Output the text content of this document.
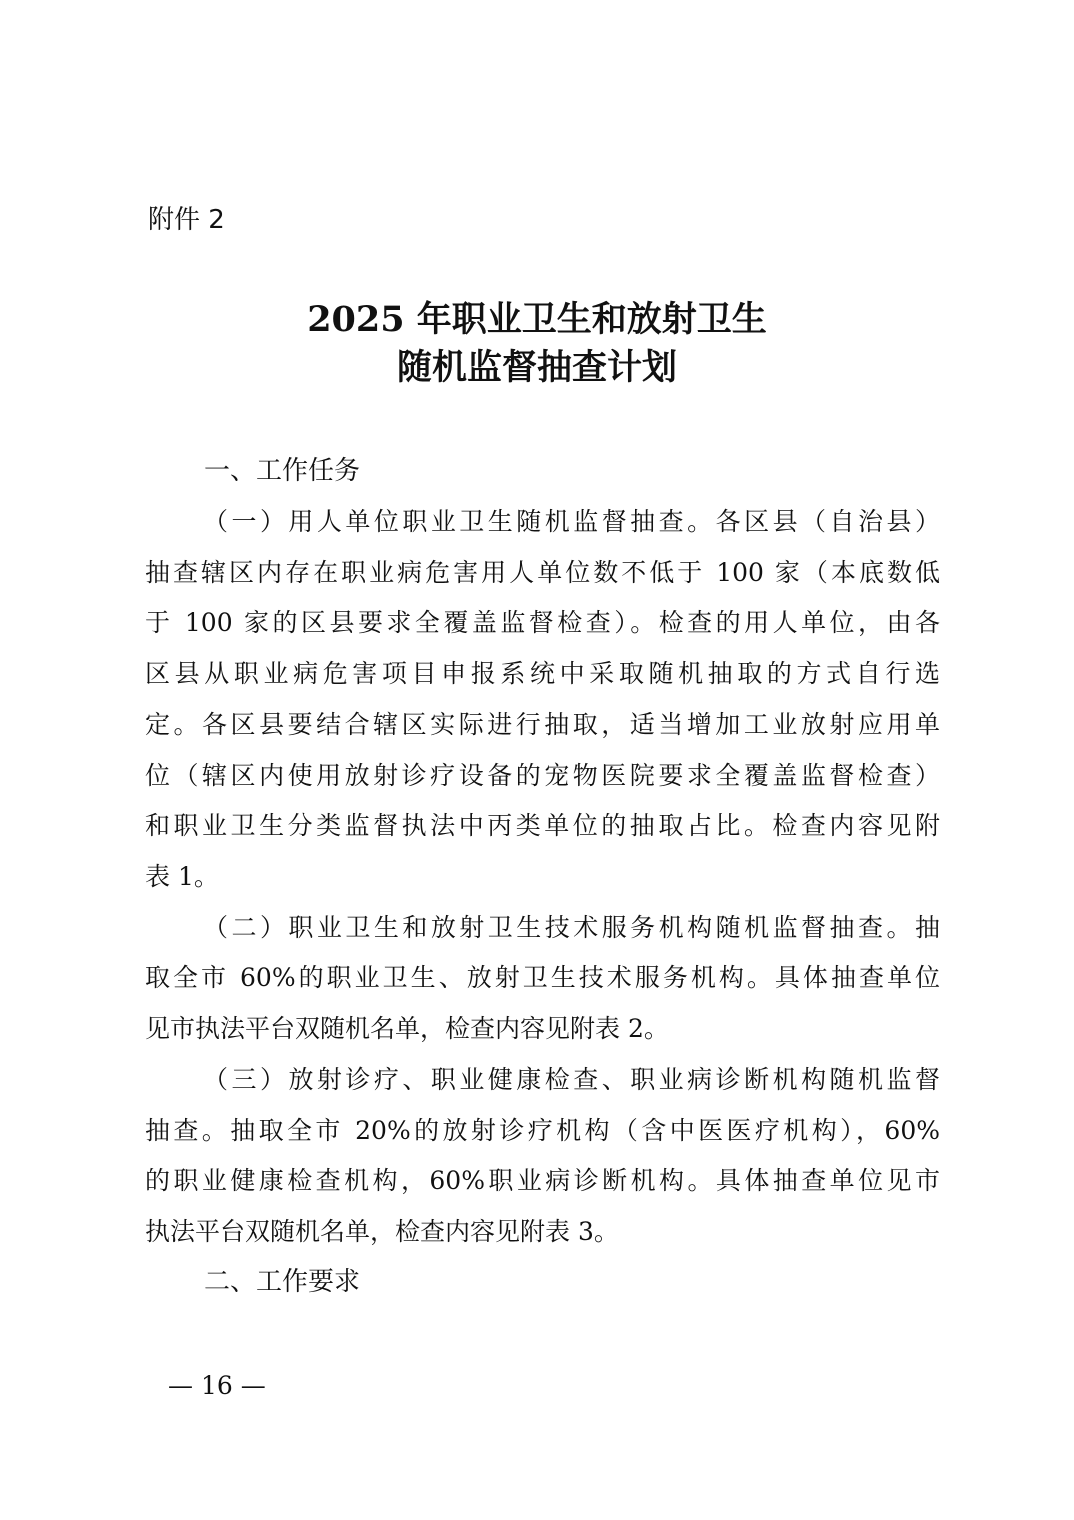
附件 2
2025 年职业卫生和放射卫生
随机监督抽查计划
一、工作任务
（一）用人单位职业卫生随机监督抽查。各区县（自治县）
抽查辖区内存在职业病危害用人单位数不低于 100 家（本底数低
于 100 家的区县要求全覆盖监督检查）。检查的用人单位，由各
区县从职业病危害项目申报系统中采取随机抽取的方式自行选
定。各区县要结合辖区实际进行抽取，适当增加工业放射应用单
位（辖区内使用放射诊疗设备的宠物医院要求全覆盖监督检查）
和职业卫生分类监督执法中丙类单位的抽取占比。检查内容见附
表 1。
（二）职业卫生和放射卫生技术服务机构随机监督抽查。抽
取全市 60%的职业卫生、放射卫生技术服务机构。具体抽查单位
见市执法平台双随机名单，检查内容见附表 2。
（三）放射诊疗、职业健康检查、职业病诊断机构随机监督
抽查。抽取全市 20%的放射诊疗机构（含中医医疗机构），60%
的职业健康检查机构，60%职业病诊断机构。具体抽查单位见市
执法平台双随机名单，检查内容见附表 3。
二、工作要求
— 16 —
